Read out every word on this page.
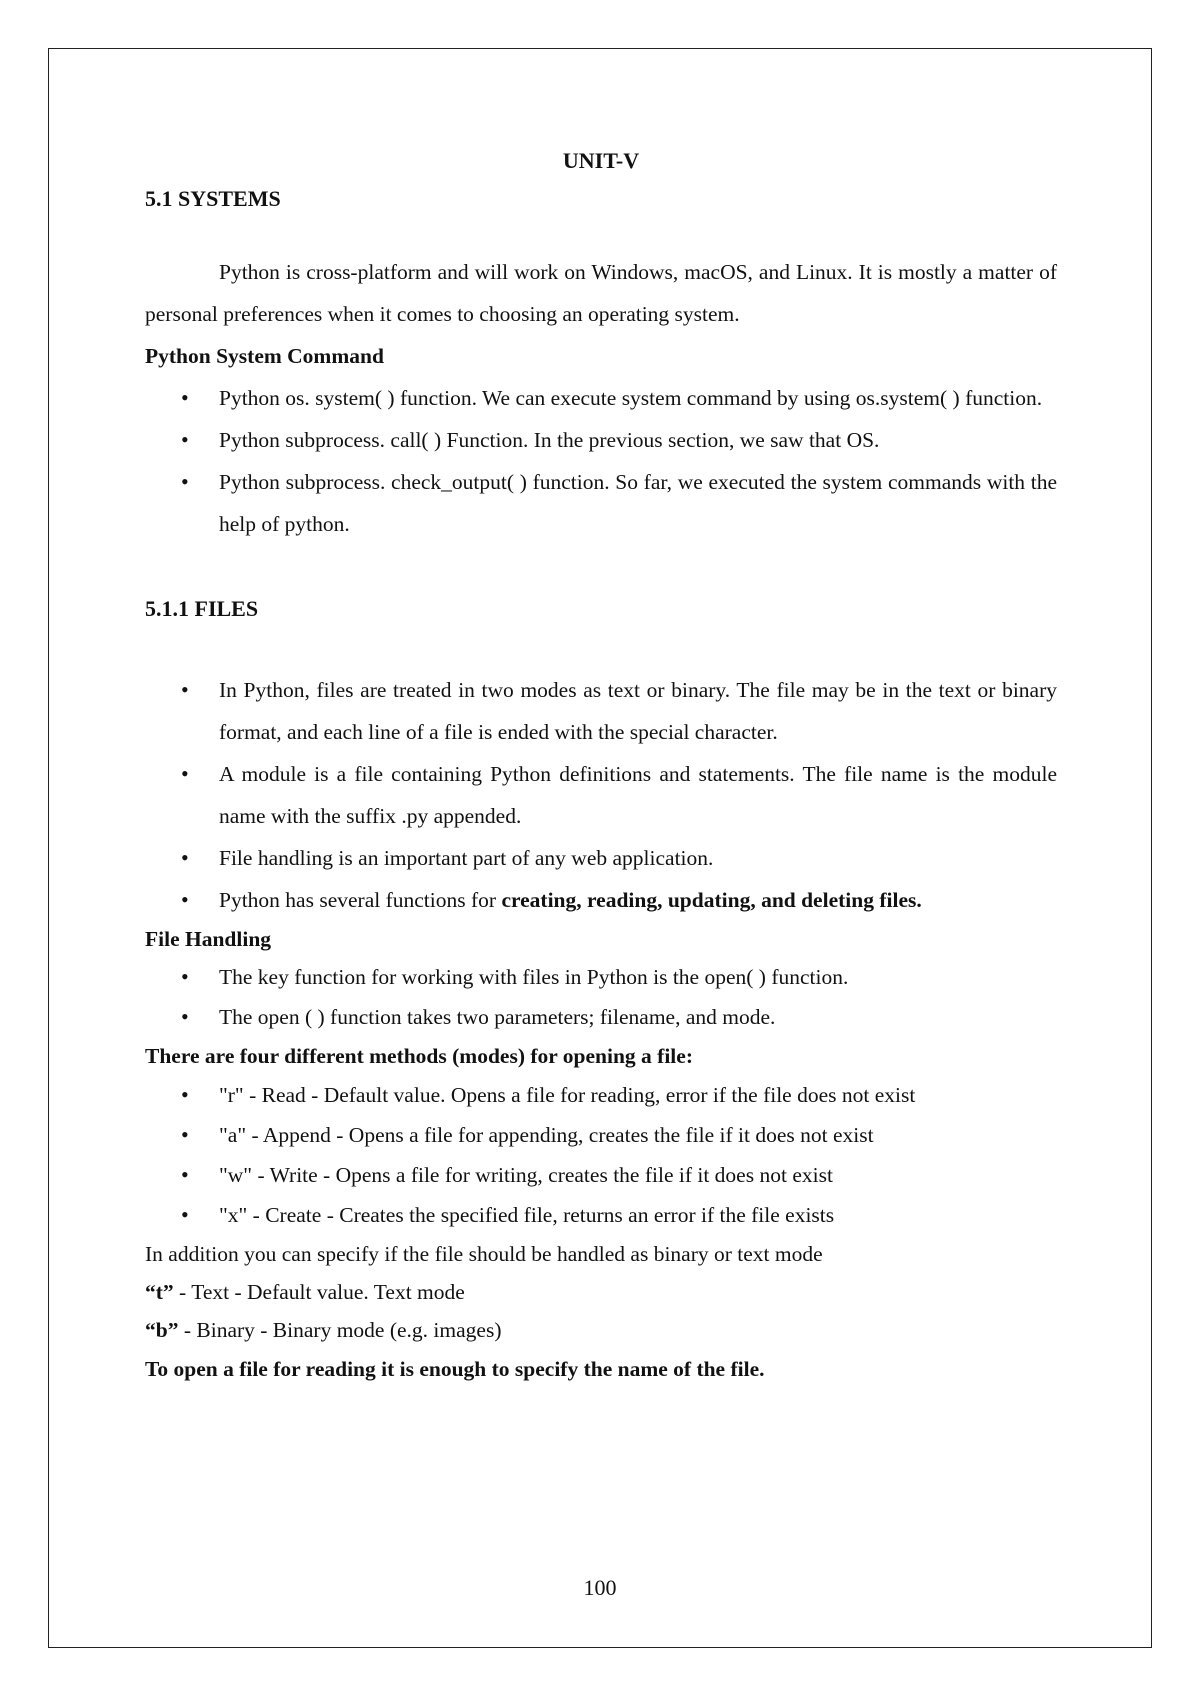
UNIT-V

5.1 SYSTEMS

Python is cross-platform and will work on Windows, macOS, and Linux. It is mostly a matter of personal preferences when it comes to choosing an operating system.

Python System Command

• Python os. system( ) function. We can execute system command by using os.system( ) function.
• Python subprocess. call( ) Function. In the previous section, we saw that OS.
• Python subprocess. check_output( ) function. So far, we executed the system commands with the help of python.

5.1.1 FILES

• In Python, files are treated in two modes as text or binary. The file may be in the text or binary format, and each line of a file is ended with the special character.
• A module is a file containing Python definitions and statements. The file name is the module name with the suffix .py appended.
• File handling is an important part of any web application.
• Python has several functions for creating, reading, updating, and deleting files.

File Handling

• The key function for working with files in Python is the open( ) function.
• The open ( ) function takes two parameters; filename, and mode.

There are four different methods (modes) for opening a file:

• "r" - Read - Default value. Opens a file for reading, error if the file does not exist
• "a" - Append - Opens a file for appending, creates the file if it does not exist
• "w" - Write - Opens a file for writing, creates the file if it does not exist
• "x" - Create - Creates the specified file, returns an error if the file exists

In addition you can specify if the file should be handled as binary or text mode

“t” - Text - Default value. Text mode

“b” - Binary - Binary mode (e.g. images)

To open a file for reading it is enough to specify the name of the file.

100
